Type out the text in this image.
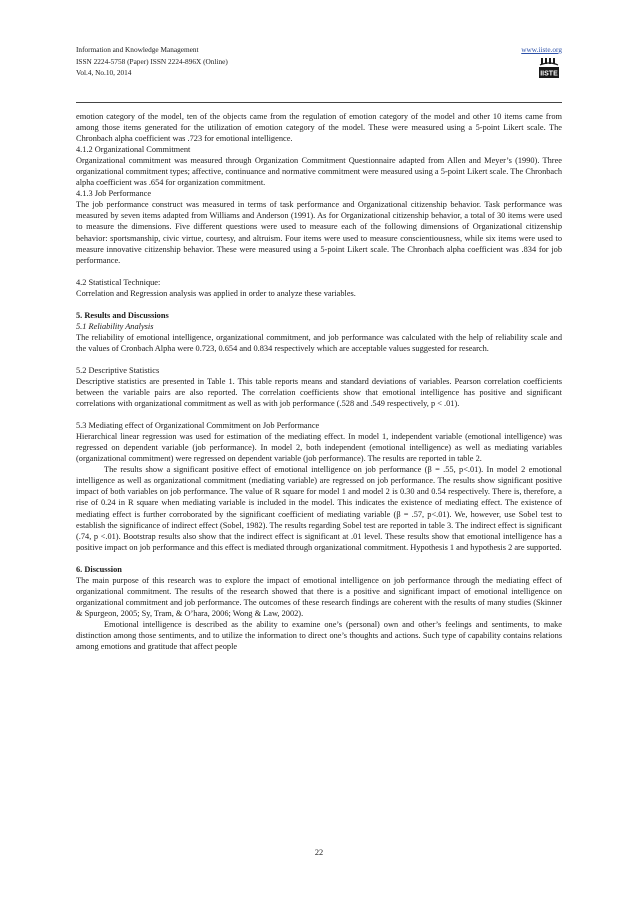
Information and Knowledge Management
ISSN 2224-5758 (Paper) ISSN 2224-896X (Online)
Vol.4, No.10, 2014
www.iiste.org
IISTE

emotion category of the model, ten of the objects came from the regulation of emotion category of the model and other 10 items came from among those items generated for the utilization of emotion category of the model. These were measured using a 5-point Likert scale. The Chronbach alpha coefficient was .723 for emotional intelligence.

4.1.2 Organizational Commitment

Organizational commitment was measured through Organization Commitment Questionnaire adapted from Allen and Meyer’s (1990). Three organizational commitment types; affective, continuance and normative commitment were measured using a 5-point Likert scale. The Chronbach alpha coefficient was .654 for organization commitment.

4.1.3 Job Performance

The job performance construct was measured in terms of task performance and Organizational citizenship behavior. Task performance was measured by seven items adapted from Williams and Anderson (1991). As for Organizational citizenship behavior, a total of 30 items were used to measure the dimensions. Five different questions were used to measure each of the following dimensions of Organizational citizenship behavior: sportsmanship, civic virtue, courtesy, and altruism. Four items were used to measure conscientiousness, while six items were used to measure innovative citizenship behavior. These were measured using a 5-point Likert scale. The Chronbach alpha coefficient was .834 for job performance.

4.2 Statistical Technique:

Correlation and Regression analysis was applied in order to analyze these variables.

5. Results and Discussions

5.1 Reliability Analysis

The reliability of emotional intelligence, organizational commitment, and job performance was calculated with the help of reliability scale and the values of Cronbach Alpha were 0.723, 0.654 and 0.834 respectively which are acceptable values suggested for research.

5.2 Descriptive Statistics

Descriptive statistics are presented in Table 1. This table reports means and standard deviations of variables. Pearson correlation coefficients between the variable pairs are also reported. The correlation coefficients show that emotional intelligence has positive and significant correlations with organizational commitment as well as with job performance (.528 and .549 respectively, p < .01).

5.3 Mediating effect of Organizational Commitment on Job Performance

Hierarchical linear regression was used for estimation of the mediating effect. In model 1, independent variable (emotional intelligence) was regressed on dependent variable (job performance). In model 2, both independent (emotional intelligence) as well as mediating variables (organizational commitment) were regressed on dependent variable (job performance). The results are reported in table 2.

The results show a significant positive effect of emotional intelligence on job performance (β = .55, p<.01). In model 2 emotional intelligence as well as organizational commitment (mediating variable) are regressed on job performance. The results show significant positive impact of both variables on job performance. The value of R square for model 1 and model 2 is 0.30 and 0.54 respectively. There is, therefore, a rise of 0.24 in R square when mediating variable is included in the model. This indicates the existence of mediating effect. The existence of mediating effect is further corroborated by the significant coefficient of mediating variable (β = .57, p<.01). We, however, use Sobel test to establish the significance of indirect effect (Sobel, 1982). The results regarding Sobel test are reported in table 3. The indirect effect is significant (.74, p <.01). Bootstrap results also show that the indirect effect is significant at .01 level. These results show that emotional intelligence has a positive impact on job performance and this effect is mediated through organizational commitment. Hypothesis 1 and hypothesis 2 are supported.

6. Discussion

The main purpose of this research was to explore the impact of emotional intelligence on job performance through the mediating effect of organizational commitment. The results of the research showed that there is a positive and significant impact of emotional intelligence on organizational commitment and job performance. The outcomes of these research findings are coherent with the results of many studies (Skinner & Spurgeon, 2005; Sy, Tram, & O’hara, 2006; Wong & Law, 2002).

Emotional intelligence is described as the ability to examine one’s (personal) own and other’s feelings and sentiments, to make distinction among those sentiments, and to utilize the information to direct one’s thoughts and actions. Such type of capability contains relations among emotions and gratitude that affect people

22
